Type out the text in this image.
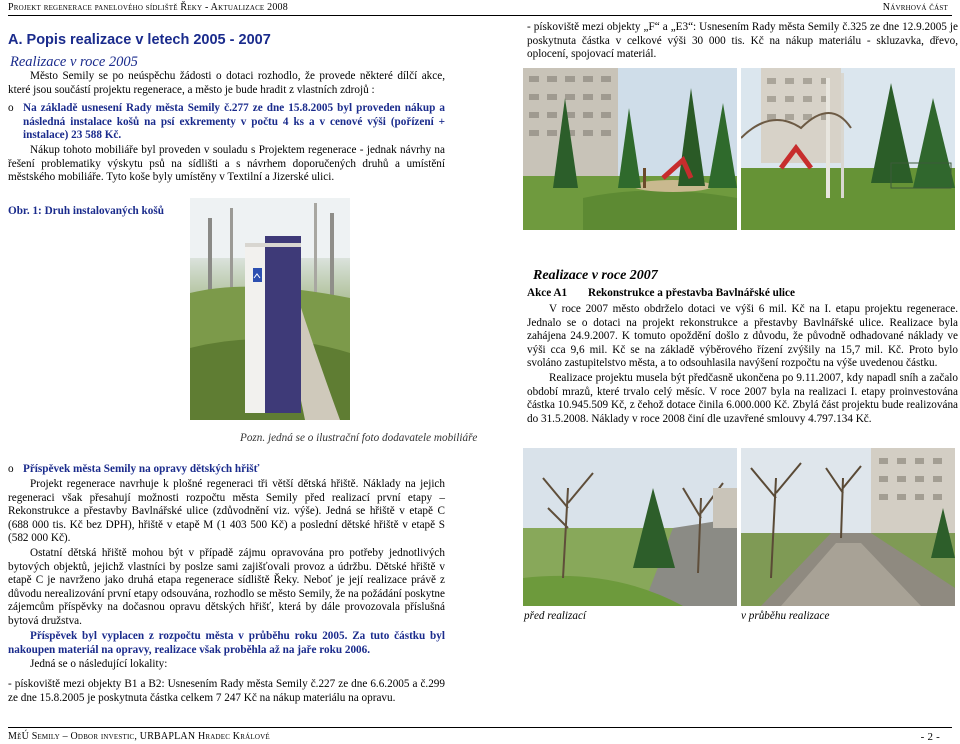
Projekt regenerace panelového sídliště Řeky - Aktualizace 2008	Návrhová část
A. Popis realizace v letech 2005 - 2007
Realizace v roce 2005
Město Semily se po neúspěchu žádosti o dotaci rozhodlo, že provede některé dílčí akce, které jsou součástí projektu regenerace, a město je bude hradit z vlastních zdrojů :
o Na základě usnesení Rady města Semily č.277 ze dne 15.8.2005 byl proveden nákup a následná instalace košů na psí exkrementy v počtu 4 ks a v cenové výši (pořízení + instalace) 23 588 Kč.
Nákup tohoto mobiliáře byl proveden v souladu s Projektem regenerace - jednak návrhy na řešení problematiky výskytu psů na sídlišti a s návrhem doporučených druhů a umístění městského mobiliáře. Tyto koše byly umístěny v Textilní a Jizerské ulici.
Obr. 1: Druh instalovaných košů
Pozn. jedná se o ilustrační foto dodavatele mobiliáře
o Příspěvek města Semily na opravy dětských hřišť
Projekt regenerace navrhuje k plošné regeneraci tři větší dětská hřiště. Náklady na jejich regeneraci však přesahují možnosti rozpočtu města Semily před realizací první etapy – Rekonstrukce a přestavby Bavlnářské ulice (zdůvodnění viz. výše). Jedná se hřiště v etapě C (688 000 tis. Kč bez DPH), hřiště v etapě M (1 403 500 Kč) a poslední dětské hřiště v etapě S (582 000 Kč).
Ostatní dětská hřiště mohou být v případě zájmu opravována pro potřeby jednotlivých bytových objektů, jejichž vlastníci by poslze sami zajišťovali provoz a údržbu. Dětské hřiště v etapě C je navrženo jako druhá etapa regenerace sídliště Řeky. Neboť je její realizace právě z důvodu nerealizování první etapy odsouvána, rozhodlo se město Semily, že na požádání poskytne zájemcům příspěvky na dočasnou opravu dětských hřišť, která by dále provozovala příslušná bytová družstva.
Příspěvek byl vyplacen z rozpočtu města v průběhu roku 2005. Za tuto částku byl nakoupen materiál na opravy, realizace však proběhla až na jaře roku 2006.
Jedná se o následující lokality:
- pískoviště mezi objekty B1 a B2: Usnesením Rady města Semily č.227 ze dne 6.6.2005 a č.299 ze dne 15.8.2005 je poskytnuta částka celkem 7 247 Kč na nákup materiálu na opravu.
- pískoviště mezi objekty „F“ a „E3“: Usnesením Rady města Semily č.325 ze dne 12.9.2005 je poskytnuta částka v celkové výši 30 000 tis. Kč na nákup materiálu - skluzavka, dřevo, oplocení, spojovací materiál.
Realizace v roce 2007
Akce A1 Rekonstrukce a přestavba Bavlnářské ulice
V roce 2007 město obdrželo dotaci ve výši 6 mil. Kč na I. etapu projektu regenerace. Jednalo se o dotaci na projekt rekonstrukce a přestavby Bavlnářské ulice. Realizace byla zahájena 24.9.2007. K tomuto opoždění došlo z důvodu, že původně odhadované náklady ve výši cca 9,6 mil. Kč se na základě výběrového řízení zvýšily na 15,7 mil. Kč. Proto bylo svoláno zastupitelstvo města, a to odsouhlasila navýšení rozpočtu na výše uvedenou částku.
Realizace projektu musela být předčasně ukončena po 9.11.2007, kdy napadl sníh a začalo období mrazů, které trvalo celý měsíc. V roce 2007 byla na realizaci I. etapy proinvestována částka 10.945.509 Kč, z čehož dotace činila 6.000.000 Kč. Zbylá část projektu bude realizována do 31.5.2008. Náklady v roce 2008 činí dle uzavřené smlouvy 4.797.134 Kč.
před realizací	v průběhu realizace
MěÚ Semily – Odbor investic, URBAPLAN Hradec Králové	- 2 -
